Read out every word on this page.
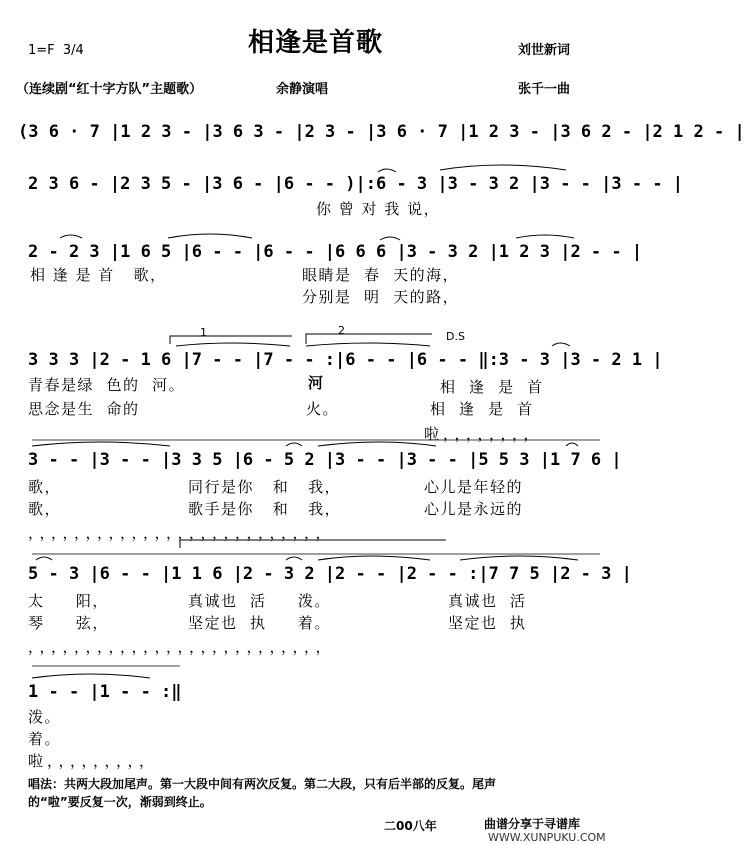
相逢是首歌
1=F  3/4	刘世新词
（连续剧“红十字方队”主题歌）	余静演唱	张千一曲
(3 6 · 7 |1 2 3 - |3 6 3 - |2 3 - |3 6 · 7 |1 2 3 - |3 6 2 - |2 1 2 - |
2 3 6 - |2 3 5 - |3 6 - |6 - - )|:6 - 3 |3 - 3 2 |3 - - |3 - - |
你 曾 对 我 说，
2 - 2 3 |1 6 5 |6 - - |6 - - |6 6 6 |3 - 3 2 |1 2 3 |2 - - |
相 逢 是 首   歌，	眼睛是  春  天的海，
分别是  明  天的路，
1	2	D.S
3 3 3 |2 - 1 6 |7 - - |7 - - :|6 - - |6 - - ‖:3 - 3 |3 - 2 1 |
青春是绿  色的  河。	河	相  逢  是  首
思念是生  命的	火。	相  逢  是  首
啦，，，，，，，，
3 - - |3 - - |3 3 5 |6 - 5 2 |3 - - |3 - - |5 5 3 |1 7 6 |
歌，	同行是你   和   我，	心儿是年轻的
歌，	歌手是你   和   我，	心儿是永远的
，，，，，，，，，，，，，，，，，，，，，，，，，，
5 - 3 |6 - - |1 1 6 |2 - 3 2 |2 - - |2 - - :|7 7 5 |2 - 3 |
太     阳，	真诚也  活     泼。	真诚也  活
琴     弦，	坚定也  执     着。	坚定也  执
，，，，，，，，，，，，，，，，，，，，，，，，，，
1 - - |1 - - :‖
泼。
着。
啦，，，，，，，，，
唱法：共两大段加尾声。第一大段中间有两次反复。第二大段，只有后半部的反复。尾声
的“啦”要反复一次，渐弱到终止。
二00八年	曲谱分享于寻谱库
WWW.XUNPUKU.COM
